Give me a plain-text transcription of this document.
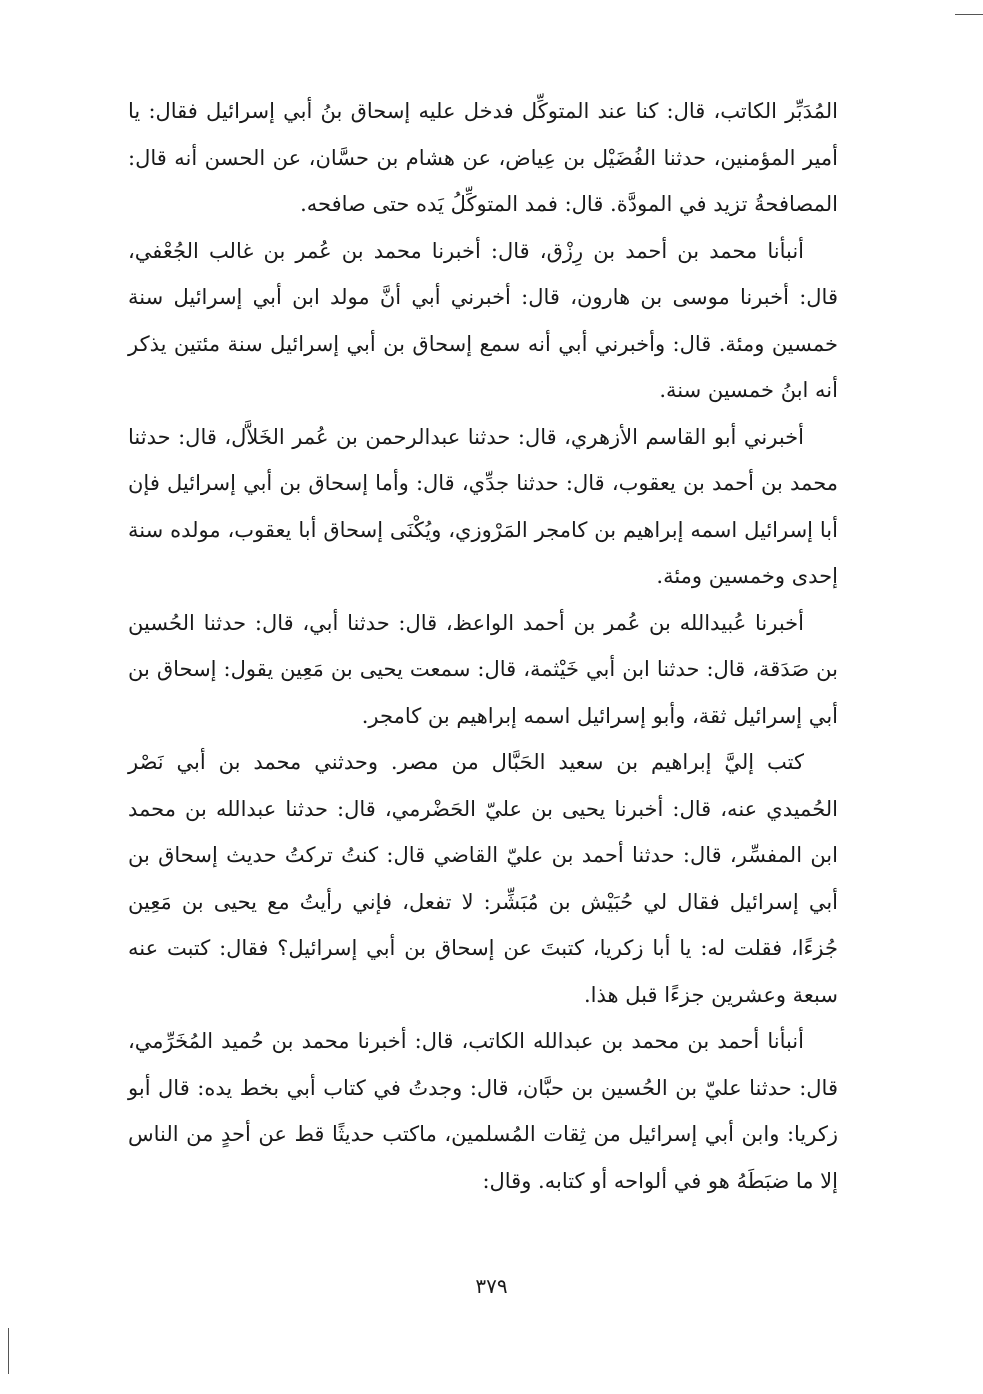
المُدَبِّر الكاتب، قال: كنا عند المتوكِّل فدخل عليه إسحاق بنُ أبي إسرائيل فقال: يا أمير المؤمنين، حدثنا الفُضَيْل بن عِياض، عن هشام بن حسَّان، عن الحسن أنه قال: المصافحةُ تزيد في المودَّة. قال: فمد المتوكِّلُ يَده حتى صافحه.

أنبأنا محمد بن أحمد بن رِزْق، قال: أخبرنا محمد بن عُمر بن غالب الجُعْفي، قال: أخبرنا موسى بن هارون، قال: أخبرني أبي أنَّ مولد ابن أبي إسرائيل سنة خمسين ومئة. قال: وأخبرني أبي أنه سمع إسحاق بن أبي إسرائيل سنة مئتين يذكر أنه ابنُ خمسين سنة.

أخبرني أبو القاسم الأزهري، قال: حدثنا عبدالرحمن بن عُمر الخَلاَّل، قال: حدثنا محمد بن أحمد بن يعقوب، قال: حدثنا جدِّي، قال: وأما إسحاق بن أبي إسرائيل فإن أبا إسرائيل اسمه إبراهيم بن كامجر المَرْوزي، ويُكْنَى إسحاق أبا يعقوب، مولده سنة إحدى وخمسين ومئة.

أخبرنا عُبيدالله بن عُمر بن أحمد الواعظ، قال: حدثنا أبي، قال: حدثنا الحُسين بن صَدَقة، قال: حدثنا ابن أبي خَيْثمة، قال: سمعت يحيى بن مَعِين يقول: إسحاق بن أبي إسرائيل ثقة، وأبو إسرائيل اسمه إبراهيم بن كامجر.

كتب إليَّ إبراهيم بن سعيد الحَبَّال من مصر. وحدثني محمد بن أبي نَصْر الحُميدي عنه، قال: أخبرنا يحيى بن عليّ الحَضْرمي، قال: حدثنا عبدالله بن محمد ابن المفسِّر، قال: حدثنا أحمد بن عليّ القاضي قال: كنتُ تركتُ حديث إسحاق بن أبي إسرائيل فقال لي حُبَيْش بن مُبَشِّر: لا تفعل، فإني رأيتُ مع يحيى بن مَعِين جُزءًا، فقلت له: يا أبا زكريا، كتبتَ عن إسحاق بن أبي إسرائيل؟ فقال: كتبت عنه سبعة وعشرين جزءًا قبل هذا.

أنبأنا أحمد بن محمد بن عبدالله الكاتب، قال: أخبرنا محمد بن حُميد المُخَرِّمي، قال: حدثنا عليّ بن الحُسين بن حبَّان، قال: وجدتُ في كتاب أبي بخط يده: قال أبو زكريا: وابن أبي إسرائيل من ثِقات المُسلمين، ماكتب حديثًا قط عن أحدٍ من الناس إلا ما ضبَطَهُ هو في ألواحه أو كتابه. وقال:

٣٧٩
